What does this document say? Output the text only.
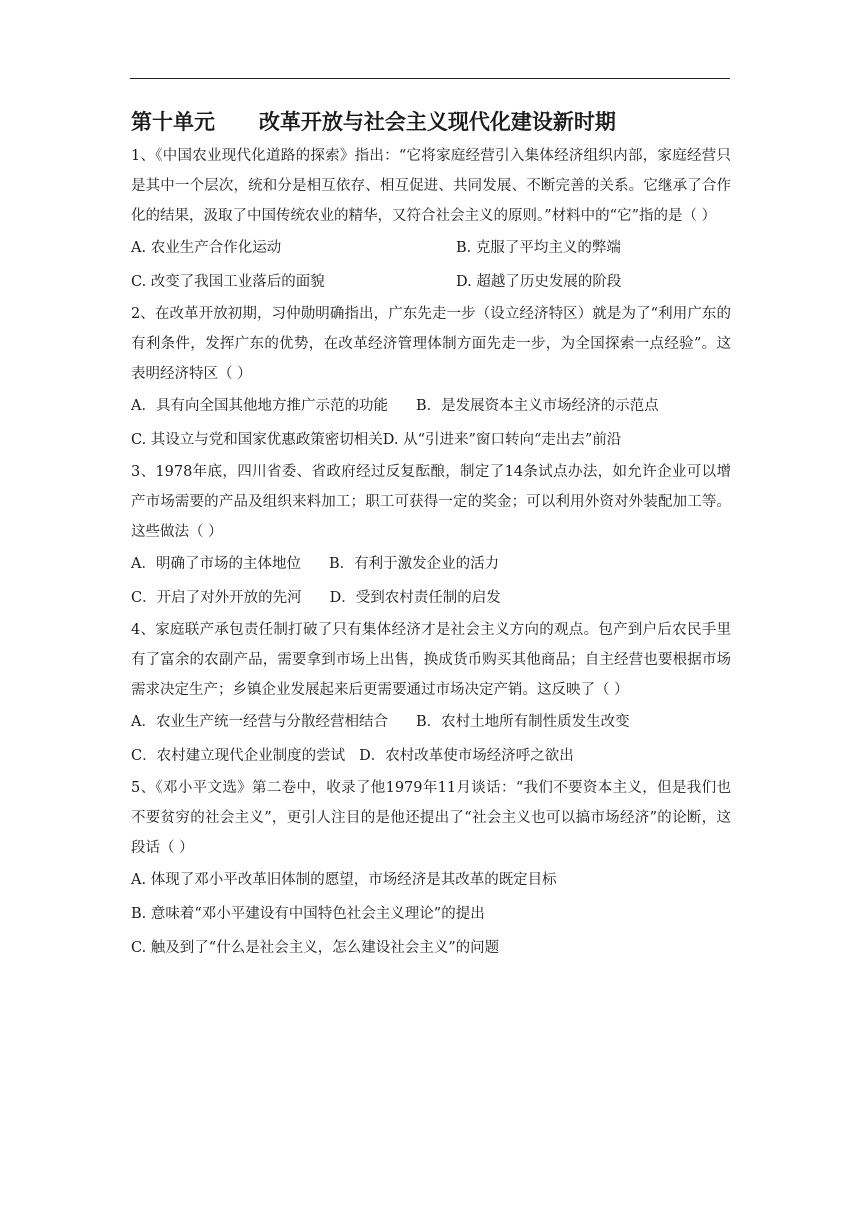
第十单元      改革开放与社会主义现代化建设新时期

1、《中国农业现代化道路的探索》指出：“它将家庭经营引入集体经济组织内部，家庭经营只是其中一个层次，统和分是相互依存、相互促进、共同发展、不断完善的关系。它继承了合作化的结果，汲取了中国传统农业的精华，又符合社会主义的原则。”材料中的“它”指的是（ ）

A. 农业生产合作化运动	B. 克服了平均主义的弊端
C. 改变了我国工业落后的面貌	D. 超越了历史发展的阶段

2、在改革开放初期，习仲勋明确指出，广东先走一步（设立经济特区）就是为了“利用广东的有利条件，发挥广东的优势，在改革经济管理体制方面先走一步，为全国探索一点经验”。这表明经济特区（ ）

A．具有向全国其他地方推广示范的功能 B．是发展资本主义市场经济的示范点
C. 其设立与党和国家优惠政策密切相关D. 从“引进来”窗口转向“走出去”前沿

3、1978年底，四川省委、省政府经过反复酝酿，制定了14条试点办法，如允许企业可以增产市场需要的产品及组织来料加工；职工可获得一定的奖金；可以利用外资对外装配加工等。这些做法（ ）

A．明确了市场的主体地位 B．有利于激发企业的活力
C．开启了对外开放的先河 D．受到农村责任制的启发

4、家庭联产承包责任制打破了只有集体经济才是社会主义方向的观点。包产到户后农民手里有了富余的农副产品，需要拿到市场上出售，换成货币购买其他商品；自主经营也要根据市场需求决定生产；乡镇企业发展起来后更需要通过市场决定产销。这反映了（ ）

A．农业生产统一经营与分散经营相结合 B．农村土地所有制性质发生改变
C．农村建立现代企业制度的尝试 D．农村改革使市场经济呼之欲出

5、《邓小平文选》第二卷中，收录了他1979年11月谈话：“我们不要资本主义，但是我们也不要贫穷的社会主义”，更引人注目的是他还提出了“社会主义也可以搞市场经济”的论断，这段话（ ）

A. 体现了邓小平改革旧体制的愿望，市场经济是其改革的既定目标
B. 意味着“邓小平建设有中国特色社会主义理论”的提出
C. 触及到了“什么是社会主义，怎么建设社会主义”的问题
